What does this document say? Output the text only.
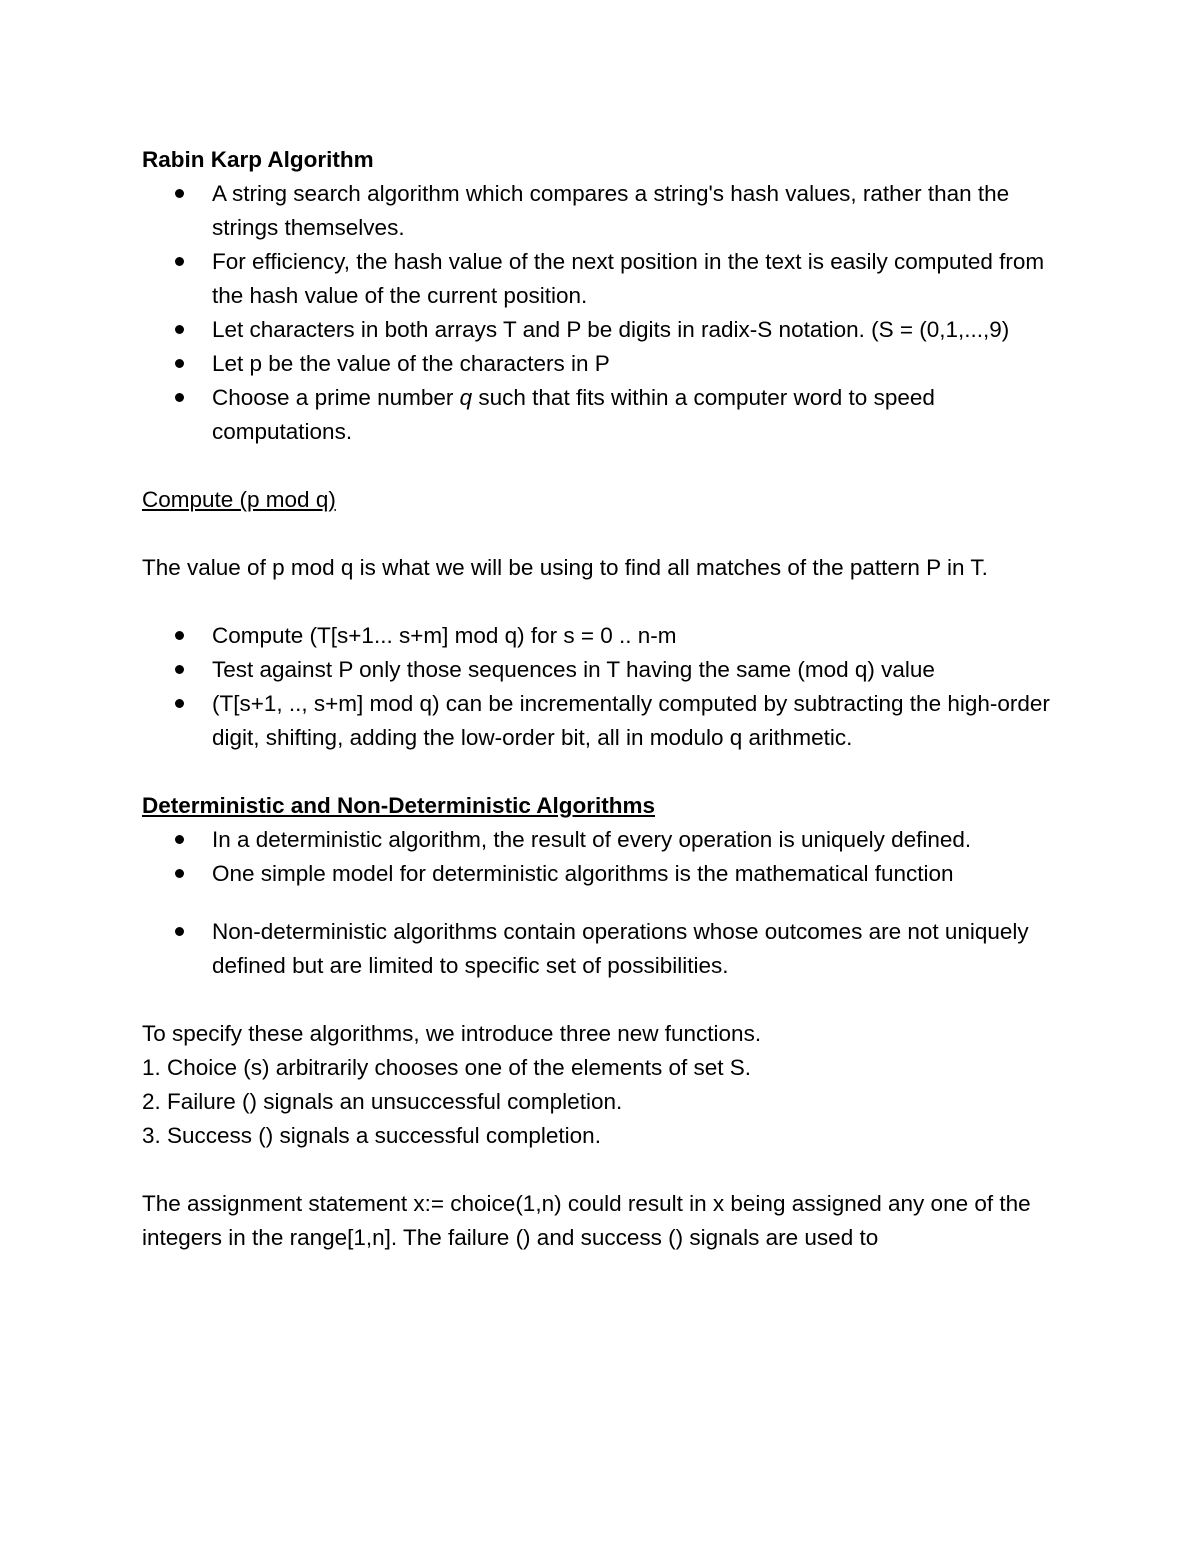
Rabin Karp Algorithm

A string search algorithm which compares a string's hash values, rather than the strings themselves.
For efficiency, the hash value of the next position in the text is easily computed from the hash value of the current position.
Let characters in both arrays T and P be digits in radix-S notation. (S = (0,1,...,9)
Let p be the value of the characters in P
Choose a prime number q such that fits within a computer word to speed computations.

Compute (p mod q)

The value of p mod q is what we will be using to find all matches of the pattern P in T.

Compute (T[s+1... s+m] mod q) for s = 0 .. n-m
Test against P only those sequences in T having the same (mod q) value
(T[s+1, .., s+m] mod q) can be incrementally computed by subtracting the high-order digit, shifting, adding the low-order bit, all in modulo q arithmetic.

Deterministic and Non-Deterministic Algorithms

In a deterministic algorithm, the result of every operation is uniquely defined.
One simple model for deterministic algorithms is the mathematical function
Non-deterministic algorithms contain operations whose outcomes are not uniquely defined but are limited to specific set of possibilities.

To specify these algorithms, we introduce three new functions.

1. Choice (s) arbitrarily chooses one of the elements of set S.

2. Failure () signals an unsuccessful completion.

3. Success () signals a successful completion.

The assignment statement x:= choice(1,n) could result in x being assigned any one of the integers in the range[1,n]. The failure () and success () signals are used to
